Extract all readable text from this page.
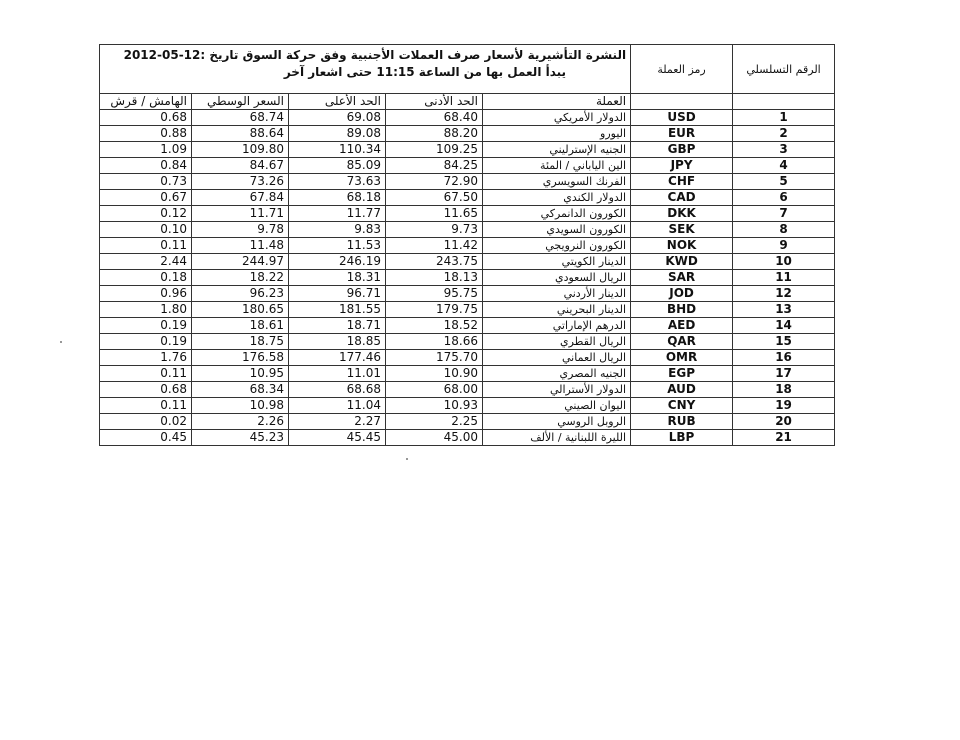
النشرة التأشيرية لأسعار صرف العملات الأجنبية وفق حركة السوق تاريخ :12-05-2012
يبدأ العمل بها من الساعة 11:15 حتى اشعار آخر					رمز العملة	الرقم التسلسلي
الهامش / قرش	السعر الوسطي	الحد الأعلى	الحد الأدنى	العملة		
0.68	68.74	69.08	68.40	الدولار الأمريكي	USD	1
0.88	88.64	89.08	88.20	اليورو	EUR	2
1.09	109.80	110.34	109.25	الجنيه الإسترليني	GBP	3
0.84	84.67	85.09	84.25	الين الياباني / المئة	JPY	4
0.73	73.26	73.63	72.90	الفرنك السويسري	CHF	5
0.67	67.84	68.18	67.50	الدولار الكندي	CAD	6
0.12	11.71	11.77	11.65	الكورون الدانمركي	DKK	7
0.10	9.78	9.83	9.73	الكورون السويدي	SEK	8
0.11	11.48	11.53	11.42	الكورون النرويجي	NOK	9
2.44	244.97	246.19	243.75	الدينار الكويتي	KWD	10
0.18	18.22	18.31	18.13	الريال السعودي	SAR	11
0.96	96.23	96.71	95.75	الدينار الأردني	JOD	12
1.80	180.65	181.55	179.75	الدينار البحريني	BHD	13
0.19	18.61	18.71	18.52	الدرهم الإماراتي	AED	14
0.19	18.75	18.85	18.66	الريال القطري	QAR	15
1.76	176.58	177.46	175.70	الريال العماني	OMR	16
0.11	10.95	11.01	10.90	الجنيه المصري	EGP	17
0.68	68.34	68.68	68.00	الدولار الأسترالي	AUD	18
0.11	10.98	11.04	10.93	اليوان الصيني	CNY	19
0.02	2.26	2.27	2.25	الروبل الروسي	RUB	20
0.45	45.23	45.45	45.00	الليرة اللبنانية / الألف	LBP	21
